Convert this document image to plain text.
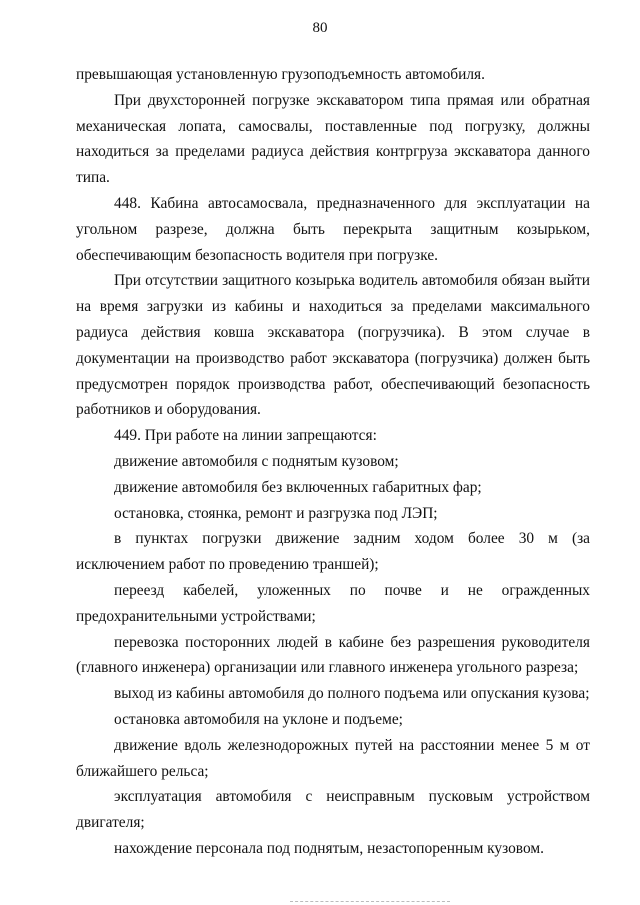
80

превышающая установленную грузоподъемность автомобиля.

При двухсторонней погрузке экскаватором типа прямая или обратная механическая лопата, самосвалы, поставленные под погрузку, должны находиться за пределами радиуса действия контргруза экскаватора данного типа.

448. Кабина автосамосвала, предназначенного для эксплуатации на угольном разрезе, должна быть перекрыта защитным козырьком, обеспечивающим безопасность водителя при погрузке.

При отсутствии защитного козырька водитель автомобиля обязан выйти на время загрузки из кабины и находиться за пределами максимального радиуса действия ковша экскаватора (погрузчика). В этом случае в документации на производство работ экскаватора (погрузчика) должен быть предусмотрен порядок производства работ, обеспечивающий безопасность работников и оборудования.

449. При работе на линии запрещаются:

движение автомобиля с поднятым кузовом;

движение автомобиля без включенных габаритных фар;

остановка, стоянка, ремонт и разгрузка под ЛЭП;

в пунктах погрузки движение задним ходом более 30 м (за исключением работ по проведению траншей);

переезд кабелей, уложенных по почве и не огражденных предохранительными устройствами;

перевозка посторонних людей в кабине без разрешения руководителя (главного инженера) организации или главного инженера угольного разреза;

выход из кабины автомобиля до полного подъема или опускания кузова;

остановка автомобиля на уклоне и подъеме;

движение вдоль железнодорожных путей на расстоянии менее 5 м от ближайшего рельса;

эксплуатация автомобиля с неисправным пусковым устройством двигателя;

нахождение персонала под поднятым, незастопоренным кузовом.
